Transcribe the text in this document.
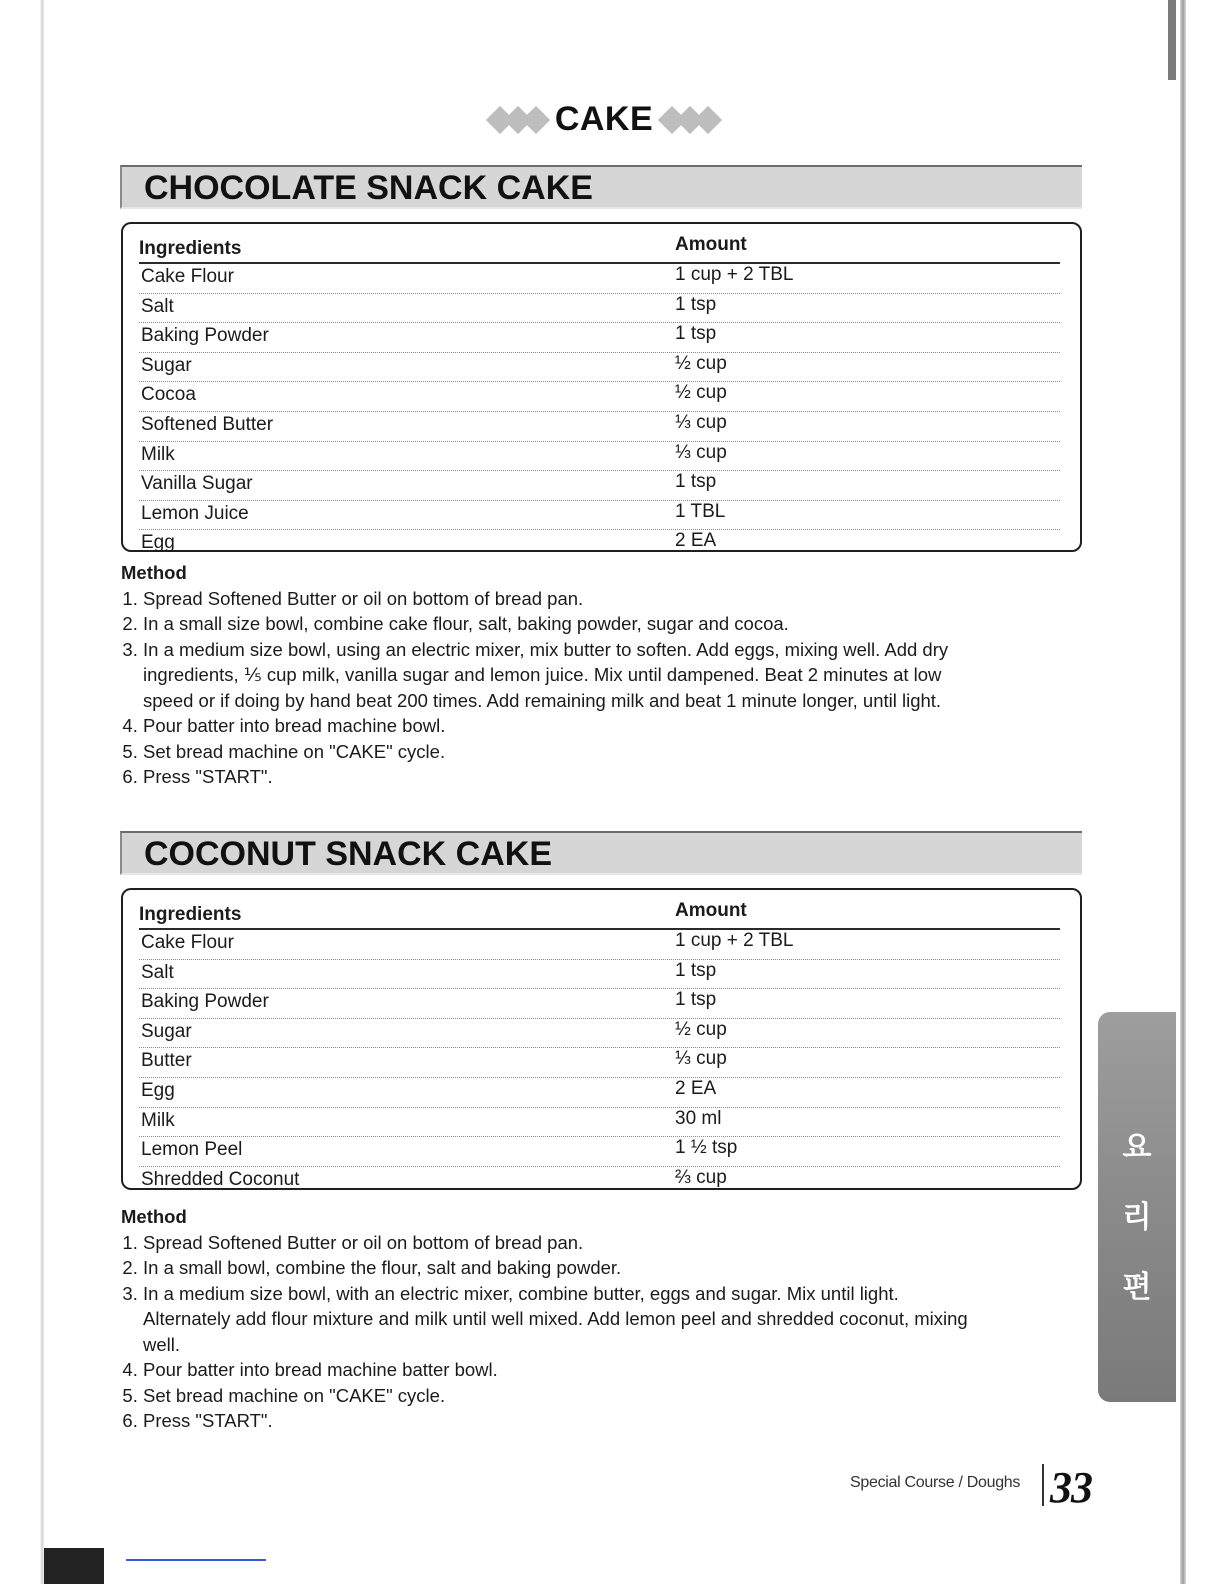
CAKE
CHOCOLATE SNACK CAKE
Ingredients	Amount
Cake Flour	1 cup + 2 TBL
Salt	1 tsp
Baking Powder	1 tsp
Sugar	½ cup
Cocoa	½ cup
Softened Butter	⅓ cup
Milk	⅓ cup
Vanilla Sugar	1 tsp
Lemon Juice	1 TBL
Egg	2 EA
Method
1. Spread Softened Butter or oil on bottom of bread pan.
2. In a small size bowl, combine cake flour, salt, baking powder, sugar and cocoa.
3. In a medium size bowl, using an electric mixer, mix butter to soften. Add eggs, mixing well. Add dry ingredients, ⅕ cup milk, vanilla sugar and lemon juice. Mix until dampened. Beat 2 minutes at low speed or if doing by hand beat 200 times. Add remaining milk and beat 1 minute longer, until light.
4. Pour batter into bread machine bowl.
5. Set bread machine on "CAKE" cycle.
6. Press "START".
COCONUT SNACK CAKE
Ingredients	Amount
Cake Flour	1 cup + 2 TBL
Salt	1 tsp
Baking Powder	1 tsp
Sugar	½ cup
Butter	⅓ cup
Egg	2 EA
Milk	30 ml
Lemon Peel	1 ½ tsp
Shredded Coconut	⅔ cup
Method
1. Spread Softened Butter or oil on bottom of bread pan.
2. In a small bowl, combine the flour, salt and baking powder.
3. In a medium size bowl, with an electric mixer, combine butter, eggs and sugar. Mix until light. Alternately add flour mixture and milk until well mixed. Add lemon peel and shredded coconut, mixing well.
4. Pour batter into bread machine batter bowl.
5. Set bread machine on "CAKE" cycle.
6. Press "START".
요
리
편
Special Course / Doughs 33
